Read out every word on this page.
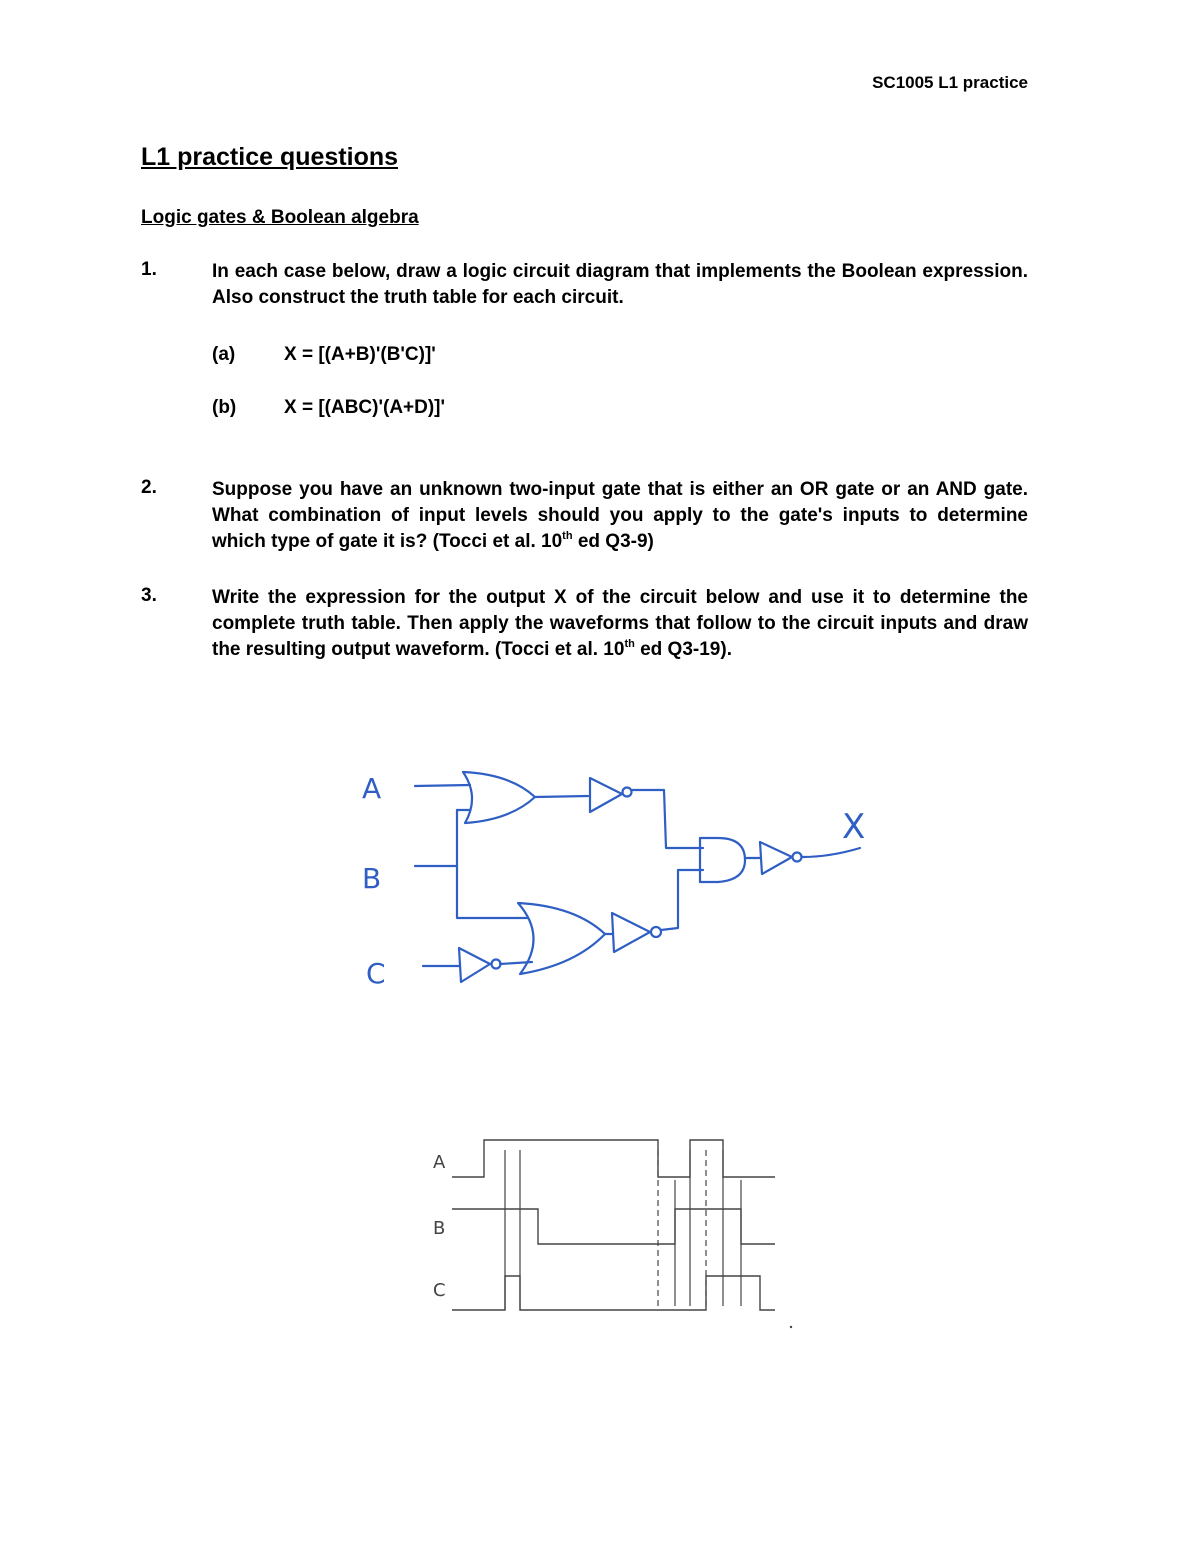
SC1005 L1 practice
L1 practice questions
Logic gates & Boolean algebra
1.	In each case below, draw a logic circuit diagram that implements the Boolean expression. Also construct the truth table for each circuit.

(a)	X = [(A+B)'(B'C)]'
(b)	X = [(ABC)'(A+D)]'
2.	Suppose you have an unknown two-input gate that is either an OR gate or an AND gate. What combination of input levels should you apply to the gate's inputs to determine which type of gate it is? (Tocci et al. 10th ed Q3-9)

3.	Write the expression for the output X of the circuit below and use it to determine the complete truth table. Then apply the waveforms that follow to the circuit inputs and draw the resulting output waveform. (Tocci et al. 10th ed Q3-19).

A
B
C
X
A
B
C
